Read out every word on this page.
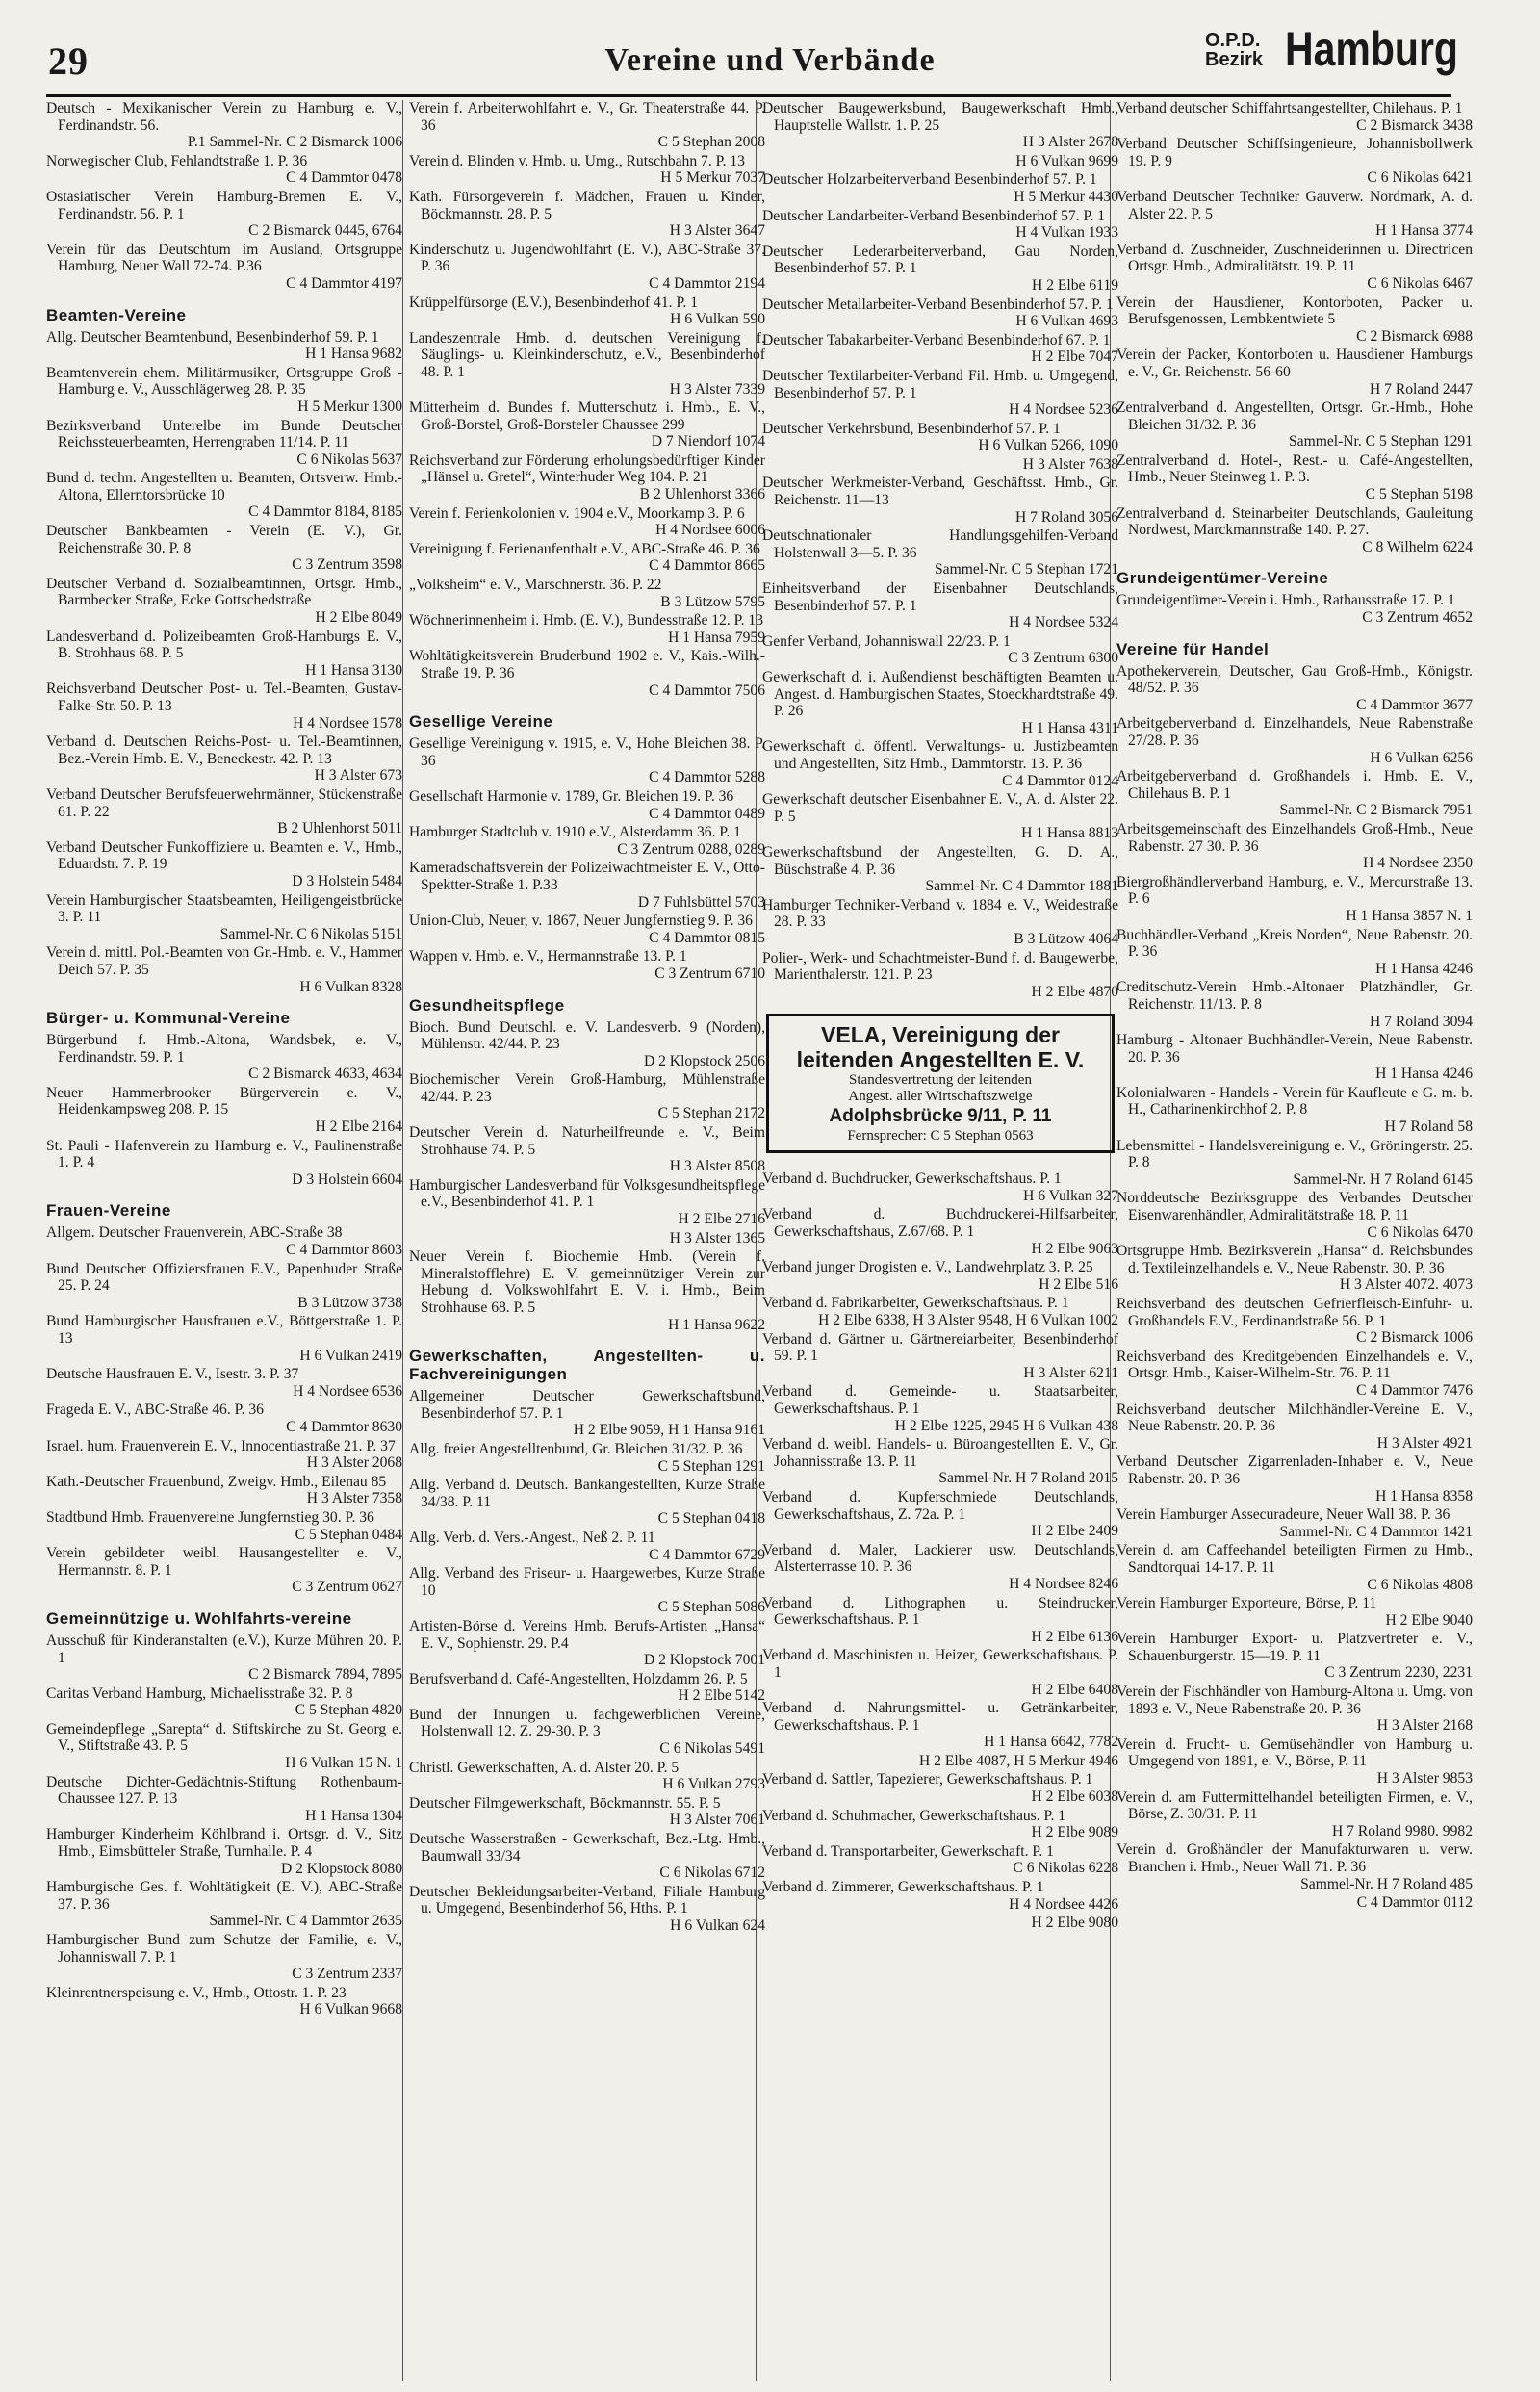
29	Vereine und Verbände
O.P.D.
Bezirk Hamburg
Deutsch - Mexikanischer Verein zu Hamburg e. V., Ferdinandstr. 56.
P.1 Sammel-Nr. C 2 Bismarck 1006
Norwegischer Club, Fehlandtstraße 1. P. 36
C 4 Dammtor 0478
Ostasiatischer Verein Hamburg-Bremen E. V., Ferdinandstr. 56. P. 1
C 2 Bismarck 0445, 6764
Verein für das Deutschtum im Ausland, Ortsgruppe Hamburg, Neuer Wall 72-74. P.36
C 4 Dammtor 4197
Beamten-Vereine
Allg. Deutscher Beamtenbund, Besenbinderhof 59. P. 1
H 1 Hansa 9682
Beamtenverein ehem. Militärmusiker, Ortsgruppe Groß - Hamburg e. V., Ausschlägerweg 28. P. 35
H 5 Merkur 1300
Bezirksverband Unterelbe im Bunde Deutscher Reichssteuerbeamten, Herrengraben 11/14. P. 11
C 6 Nikolas 5637
Bund d. techn. Angestellten u. Beamten, Ortsverw. Hmb.-Altona, Ellerntorsbrücke 10
C 4 Dammtor 8184, 8185
Deutscher Bankbeamten - Verein (E. V.), Gr. Reichenstraße 30. P. 8
C 3 Zentrum 3598
Deutscher Verband d. Sozialbeamtinnen, Ortsgr. Hmb., Barmbecker Straße, Ecke Gottschedstraße
H 2 Elbe 8049
Landesverband d. Polizeibeamten Groß-Hamburgs E. V., B. Strohhaus 68. P. 5
H 1 Hansa 3130
Reichsverband Deutscher Post- u. Tel.-Beamten, Gustav-Falke-Str. 50. P. 13
H 4 Nordsee 1578
Verband d. Deutschen Reichs-Post- u. Tel.-Beamtinnen, Bez.-Verein Hmb. E. V., Beneckestr. 42. P. 13
H 3 Alster 673
Verband Deutscher Berufsfeuerwehrmänner, Stückenstraße 61. P. 22
B 2 Uhlenhorst 5011
Verband Deutscher Funkoffiziere u. Beamten e. V., Hmb., Eduardstr. 7. P. 19
D 3 Holstein 5484
Verein Hamburgischer Staatsbeamten, Heiligengeistbrücke 3. P. 11
Sammel-Nr. C 6 Nikolas 5151
Verein d. mittl. Pol.-Beamten von Gr.-Hmb. e. V., Hammer Deich 57. P. 35
H 6 Vulkan 8328
Bürger- u. Kommunal-Vereine
Bürgerbund f. Hmb.-Altona, Wandsbek, e. V., Ferdinandstr. 59. P. 1
C 2 Bismarck 4633, 4634
Neuer Hammerbrooker Bürgerverein e. V., Heidenkampsweg 208. P. 15
H 2 Elbe 2164
St. Pauli - Hafenverein zu Hamburg e. V., Paulinenstraße 1. P. 4
D 3 Holstein 6604
Frauen-Vereine
Allgem. Deutscher Frauenverein, ABC-Straße 38
C 4 Dammtor 8603
Bund Deutscher Offiziersfrauen E.V., Papenhuder Straße 25. P. 24
B 3 Lützow 3738
Bund Hamburgischer Hausfrauen e.V., Böttgerstraße 1. P. 13
H 6 Vulkan 2419
Deutsche Hausfrauen E. V., Isestr. 3. P. 37
H 4 Nordsee 6536
Frageda E. V., ABC-Straße 46. P. 36
C 4 Dammtor 8630
Israel. hum. Frauenverein E. V., Innocentiastraße 21. P. 37
H 3 Alster 2068
Kath.-Deutscher Frauenbund, Zweigv. Hmb., Eilenau 85
H 3 Alster 7358
Stadtbund Hmb. Frauenvereine Jungfernstieg 30. P. 36
C 5 Stephan 0484
Verein gebildeter weibl. Hausangestellter e. V., Hermannstr. 8. P. 1
C 3 Zentrum 0627
Gemeinnützige u. Wohlfahrts-vereine
Ausschuß für Kinderanstalten (e.V.), Kurze Mühren 20. P. 1
C 2 Bismarck 7894, 7895
Caritas Verband Hamburg, Michaelisstraße 32. P. 8
C 5 Stephan 4820
Gemeindepflege „Sarepta“ d. Stiftskirche zu St. Georg e. V., Stiftstraße 43. P. 5
H 6 Vulkan 15 N. 1
Deutsche Dichter-Gedächtnis-Stiftung Rothenbaum-Chaussee 127. P. 13
H 1 Hansa 1304
Hamburger Kinderheim Köhlbrand i. Ortsgr. d. V., Sitz Hmb., Eimsbütteler Straße, Turnhalle. P. 4
D 2 Klopstock 8080
Hamburgische Ges. f. Wohltätigkeit (E. V.), ABC-Straße 37. P. 36
Sammel-Nr. C 4 Dammtor 2635
Hamburgischer Bund zum Schutze der Familie, e. V., Johanniswall 7. P. 1
C 3 Zentrum 2337
Kleinrentnerspeisung e. V., Hmb., Ottostr. 1. P. 23
H 6 Vulkan 9668
Verein f. Arbeiterwohlfahrt e. V., Gr. Theaterstraße 44. P. 36
C 5 Stephan 2008
Verein d. Blinden v. Hmb. u. Umg., Rutschbahn 7. P. 13
H 5 Merkur 7037
Kath. Fürsorgeverein f. Mädchen, Frauen u. Kinder, Böckmannstr. 28. P. 5
H 3 Alster 3647
Kinderschutz u. Jugendwohlfahrt (E. V.), ABC-Straße 37. P. 36
C 4 Dammtor 2194
Krüppelfürsorge (E.V.), Besenbinderhof 41. P. 1
H 6 Vulkan 590
Landeszentrale Hmb. d. deutschen Vereinigung f. Säuglings- u. Kleinkinderschutz, e.V., Besenbinderhof 48. P. 1
H 3 Alster 7339
Mütterheim d. Bundes f. Mutterschutz i. Hmb., E. V., Groß-Borstel, Groß-Borsteler Chaussee 299
D 7 Niendorf 1074
Reichsverband zur Förderung erholungsbedürftiger Kinder „Hänsel u. Gretel“, Winterhuder Weg 104. P. 21
B 2 Uhlenhorst 3366
Verein f. Ferienkolonien v. 1904 e.V., Moorkamp 3. P. 6
H 4 Nordsee 6006
Vereinigung f. Ferienaufenthalt e.V., ABC-Straße 46. P. 36
C 4 Dammtor 8665
„Volksheim“ e. V., Marschnerstr. 36. P. 22
B 3 Lützow 5795
Wöchnerinnenheim i. Hmb. (E. V.), Bundesstraße 12. P. 13
H 1 Hansa 7959
Wohltätigkeitsverein Bruderbund 1902 e. V., Kais.-Wilh.-Straße 19. P. 36
C 4 Dammtor 7506
Gesellige Vereine
Gesellige Vereinigung v. 1915, e. V., Hohe Bleichen 38. P. 36
C 4 Dammtor 5288
Gesellschaft Harmonie v. 1789, Gr. Bleichen 19. P. 36
C 4 Dammtor 0489
Hamburger Stadtclub v. 1910 e.V., Alsterdamm 36. P. 1
C 3 Zentrum 0288, 0289
Kameradschaftsverein der Polizeiwachtmeister E. V., Otto-Spektter-Straße 1. P.33
D 7 Fuhlsbüttel 5703
Union-Club, Neuer, v. 1867, Neuer Jungfernstieg 9. P. 36
C 4 Dammtor 0815
Wappen v. Hmb. e. V., Hermannstraße 13. P. 1
C 3 Zentrum 6710
Gesundheitspflege
Bioch. Bund Deutschl. e. V. Landesverb. 9 (Norden), Mühlenstr. 42/44. P. 23
D 2 Klopstock 2506
Biochemischer Verein Groß-Hamburg, Mühlenstraße 42/44. P. 23
C 5 Stephan 2172
Deutscher Verein d. Naturheilfreunde e. V., Beim Strohhause 74. P. 5
H 3 Alster 8508
Hamburgischer Landesverband für Volksgesundheitspflege e.V., Besenbinderhof 41. P. 1
H 2 Elbe 2716
H 3 Alster 1365
Neuer Verein f. Biochemie Hmb. (Verein f. Mineralstofflehre) E. V. gemeinnütziger Verein zur Hebung d. Volkswohlfahrt E. V. i. Hmb., Beim Strohhause 68. P. 5
H 1 Hansa 9622
Gewerkschaften, Angestellten- u. Fachvereinigungen
Allgemeiner Deutscher Gewerkschaftsbund, Besenbinderhof 57. P. 1
H 2 Elbe 9059, H 1 Hansa 9161
Allg. freier Angestelltenbund, Gr. Bleichen 31/32. P. 36
C 5 Stephan 1291
Allg. Verband d. Deutsch. Bankangestellten, Kurze Straße 34/38. P. 11
C 5 Stephan 0418
Allg. Verb. d. Vers.-Angest., Neß 2. P. 11
C 4 Dammtor 6729
Allg. Verband des Friseur- u. Haargewerbes, Kurze Straße 10
C 5 Stephan 5086
Artisten-Börse d. Vereins Hmb. Berufs-Artisten „Hansa“ E. V., Sophienstr. 29. P.4
D 2 Klopstock 7001
Berufsverband d. Café-Angestellten, Holzdamm 26. P. 5
H 2 Elbe 5142
Bund der Innungen u. fachgewerblichen Vereine, Holstenwall 12. Z. 29-30. P. 3
C 6 Nikolas 5491
Christl. Gewerkschaften, A. d. Alster 20. P. 5
H 6 Vulkan 2793
Deutscher Filmgewerkschaft, Böckmannstr. 55. P. 5
H 3 Alster 7061
Deutsche Wasserstraßen - Gewerkschaft, Bez.-Ltg. Hmb., Baumwall 33/34
C 6 Nikolas 6712
Deutscher Bekleidungsarbeiter-Verband, Filiale Hamburg u. Umgegend, Besenbinderhof 56, Hths. P. 1
H 6 Vulkan 624
Deutscher Baugewerksbund, Baugewerkschaft Hmb., Hauptstelle Wallstr. 1. P. 25
H 3 Alster 2678
H 6 Vulkan 9699
Deutscher Holzarbeiterverband Besenbinderhof 57. P. 1
H 5 Merkur 4430
Deutscher Landarbeiter-Verband Besenbinderhof 57. P. 1
H 4 Vulkan 1933
Deutscher Lederarbeiterverband, Gau Norden, Besenbinderhof 57. P. 1
H 2 Elbe 6119
Deutscher Metallarbeiter-Verband Besenbinderhof 57. P. 1
H 6 Vulkan 4693
Deutscher Tabakarbeiter-Verband Besenbinderhof 67. P. 1
H 2 Elbe 7047
Deutscher Textilarbeiter-Verband Fil. Hmb. u. Umgegend, Besenbinderhof 57. P. 1
H 4 Nordsee 5236
Deutscher Verkehrsbund, Besenbinderhof 57. P. 1
H 6 Vulkan 5266, 1090
H 3 Alster 7638
Deutscher Werkmeister-Verband, Geschäftsst. Hmb., Gr. Reichenstr. 11—13
H 7 Roland 3056
Deutschnationaler Handlungsgehilfen-Verband Holstenwall 3—5. P. 36
Sammel-Nr. C 5 Stephan 1721
Einheitsverband der Eisenbahner Deutschlands, Besenbinderhof 57. P. 1
H 4 Nordsee 5324
Genfer Verband, Johanniswall 22/23. P. 1
C 3 Zentrum 6300
Gewerkschaft d. i. Außendienst beschäftigten Beamten u. Angest. d. Hamburgischen Staates, Stoeckhardtstraße 49. P. 26
H 1 Hansa 4311
Gewerkschaft d. öffentl. Verwaltungs- u. Justizbeamten und Angestellten, Sitz Hmb., Dammtorstr. 13. P. 36
C 4 Dammtor 0124
Gewerkschaft deutscher Eisenbahner E. V., A. d. Alster 22. P. 5
H 1 Hansa 8813
Gewerkschaftsbund der Angestellten, G. D. A., Büschstraße 4. P. 36
Sammel-Nr. C 4 Dammtor 1881
Hamburger Techniker-Verband v. 1884 e. V., Weidestraße 28. P. 33
B 3 Lützow 4064
Polier-, Werk- und Schachtmeister-Bund f. d. Baugewerbe, Marienthalerstr. 121. P. 23
H 2 Elbe 4870
VELA, Vereinigung der
leitenden Angestellten E. V.
Standesvertretung der leitenden
Angest. aller Wirtschaftszweige
Adolphsbrücke 9/11, P. 11
Fernsprecher: C 5 Stephan 0563
Verband d. Buchdrucker, Gewerkschaftshaus. P. 1
H 6 Vulkan 327
Verband d. Buchdruckerei-Hilfsarbeiter, Gewerkschaftshaus, Z.67/68. P. 1
H 2 Elbe 9063
Verband junger Drogisten e. V., Landwehrplatz 3. P. 25
H 2 Elbe 516
Verband d. Fabrikarbeiter, Gewerkschaftshaus. P. 1
H 2 Elbe 6338, H 3 Alster 9548, H 6 Vulkan 1002
Verband d. Gärtner u. Gärtnereiarbeiter, Besenbinderhof 59. P. 1
H 3 Alster 6211
Verband d. Gemeinde- u. Staatsarbeiter, Gewerkschaftshaus. P. 1
H 2 Elbe 1225, 2945 H 6 Vulkan 438
Verband d. weibl. Handels- u. Büroangestellten E. V., Gr. Johannisstraße 13. P. 11
Sammel-Nr. H 7 Roland 2015
Verband d. Kupferschmiede Deutschlands, Gewerkschaftshaus, Z. 72a. P. 1
H 2 Elbe 2409
Verband d. Maler, Lackierer usw. Deutschlands, Alsterterrasse 10. P. 36
H 4 Nordsee 8246
Verband d. Lithographen u. Steindrucker, Gewerkschaftshaus. P. 1
H 2 Elbe 6136
Verband d. Maschinisten u. Heizer, Gewerkschaftshaus. P. 1
H 2 Elbe 6408
Verband d. Nahrungsmittel- u. Getränkarbeiter, Gewerkschaftshaus. P. 1
H 1 Hansa 6642, 7782
H 2 Elbe 4087, H 5 Merkur 4946
Verband d. Sattler, Tapezierer, Gewerkschaftshaus. P. 1
H 2 Elbe 6038
Verband d. Schuhmacher, Gewerkschaftshaus. P. 1
H 2 Elbe 9089
Verband d. Transportarbeiter, Gewerkschaft. P. 1
C 6 Nikolas 6228
Verband d. Zimmerer, Gewerkschaftshaus. P. 1
H 4 Nordsee 4426
H 2 Elbe 9080
Verband deutscher Schiffahrtsangestellter, Chilehaus. P. 1
C 2 Bismarck 3438
Verband Deutscher Schiffsingenieure, Johannisbollwerk 19. P. 9
C 6 Nikolas 6421
Verband Deutscher Techniker Gauverw. Nordmark, A. d. Alster 22. P. 5
H 1 Hansa 3774
Verband d. Zuschneider, Zuschneiderinnen u. Directricen Ortsgr. Hmb., Admiralitätstr. 19. P. 11
C 6 Nikolas 6467
Verein der Hausdiener, Kontorboten, Packer u. Berufsgenossen, Lembkentwiete 5
C 2 Bismarck 6988
Verein der Packer, Kontorboten u. Hausdiener Hamburgs e. V., Gr. Reichenstr. 56-60
H 7 Roland 2447
Zentralverband d. Angestellten, Ortsgr. Gr.-Hmb., Hohe Bleichen 31/32. P. 36
Sammel-Nr. C 5 Stephan 1291
Zentralverband d. Hotel-, Rest.- u. Café-Angestellten, Hmb., Neuer Steinweg 1. P. 3.
C 5 Stephan 5198
Zentralverband d. Steinarbeiter Deutschlands, Gauleitung Nordwest, Marckmannstraße 140. P. 27.
C 8 Wilhelm 6224
Grundeigentümer-Vereine
Grundeigentümer-Verein i. Hmb., Rathausstraße 17. P. 1
C 3 Zentrum 4652
Vereine für Handel
Apothekerverein, Deutscher, Gau Groß-Hmb., Königstr. 48/52. P. 36
C 4 Dammtor 3677
Arbeitgeberverband d. Einzelhandels, Neue Rabenstraße 27/28. P. 36
H 6 Vulkan 6256
Arbeitgeberverband d. Großhandels i. Hmb. E. V., Chilehaus B. P. 1
Sammel-Nr. C 2 Bismarck 7951
Arbeitsgemeinschaft des Einzelhandels Groß-Hmb., Neue Rabenstr. 27 30. P. 36
H 4 Nordsee 2350
Biergroßhändlerverband Hamburg, e. V., Mercurstraße 13. P. 6
H 1 Hansa 3857 N. 1
Buchhändler-Verband „Kreis Norden“, Neue Rabenstr. 20. P. 36
H 1 Hansa 4246
Creditschutz-Verein Hmb.-Altonaer Platzhändler, Gr. Reichenstr. 11/13. P. 8
H 7 Roland 3094
Hamburg - Altonaer Buchhändler-Verein, Neue Rabenstr. 20. P. 36
H 1 Hansa 4246
Kolonialwaren - Handels - Verein für Kaufleute e G. m. b. H., Catharinenkirchhof 2. P. 8
H 7 Roland 58
Lebensmittel - Handelsvereinigung e. V., Gröningerstr. 25. P. 8
Sammel-Nr. H 7 Roland 6145
Norddeutsche Bezirksgruppe des Verbandes Deutscher Eisenwarenhändler, Admiralitätstraße 18. P. 11
C 6 Nikolas 6470
Ortsgruppe Hmb. Bezirksverein „Hansa“ d. Reichsbundes d. Textileinzelhandels e. V., Neue Rabenstr. 30. P. 36
H 3 Alster 4072. 4073
Reichsverband des deutschen Gefrierfleisch-Einfuhr- u. Großhandels E.V., Ferdinandstraße 56. P. 1
C 2 Bismarck 1006
Reichsverband des Kreditgebenden Einzelhandels e. V., Ortsgr. Hmb., Kaiser-Wilhelm-Str. 76. P. 11
C 4 Dammtor 7476
Reichsverband deutscher Milchhändler-Vereine E. V., Neue Rabenstr. 20. P. 36
H 3 Alster 4921
Verband Deutscher Zigarrenladen-Inhaber e. V., Neue Rabenstr. 20. P. 36
H 1 Hansa 8358
Verein Hamburger Assecuradeure, Neuer Wall 38. P. 36
Sammel-Nr. C 4 Dammtor 1421
Verein d. am Caffeehandel beteiligten Firmen zu Hmb., Sandtorquai 14-17. P. 11
C 6 Nikolas 4808
Verein Hamburger Exporteure, Börse, P. 11
H 2 Elbe 9040
Verein Hamburger Export- u. Platzvertreter e. V., Schauenburgerstr. 15—19. P. 11
C 3 Zentrum 2230, 2231
Verein der Fischhändler von Hamburg-Altona u. Umg. von 1893 e. V., Neue Rabenstraße 20. P. 36
H 3 Alster 2168
Verein d. Frucht- u. Gemüsehändler von Hamburg u. Umgegend von 1891, e. V., Börse, P. 11
H 3 Alster 9853
Verein d. am Futtermittelhandel beteiligten Firmen, e. V., Börse, Z. 30/31. P. 11
H 7 Roland 9980. 9982
Verein d. Großhändler der Manufakturwaren u. verw. Branchen i. Hmb., Neuer Wall 71. P. 36
Sammel-Nr. H 7 Roland 485
C 4 Dammtor 0112
